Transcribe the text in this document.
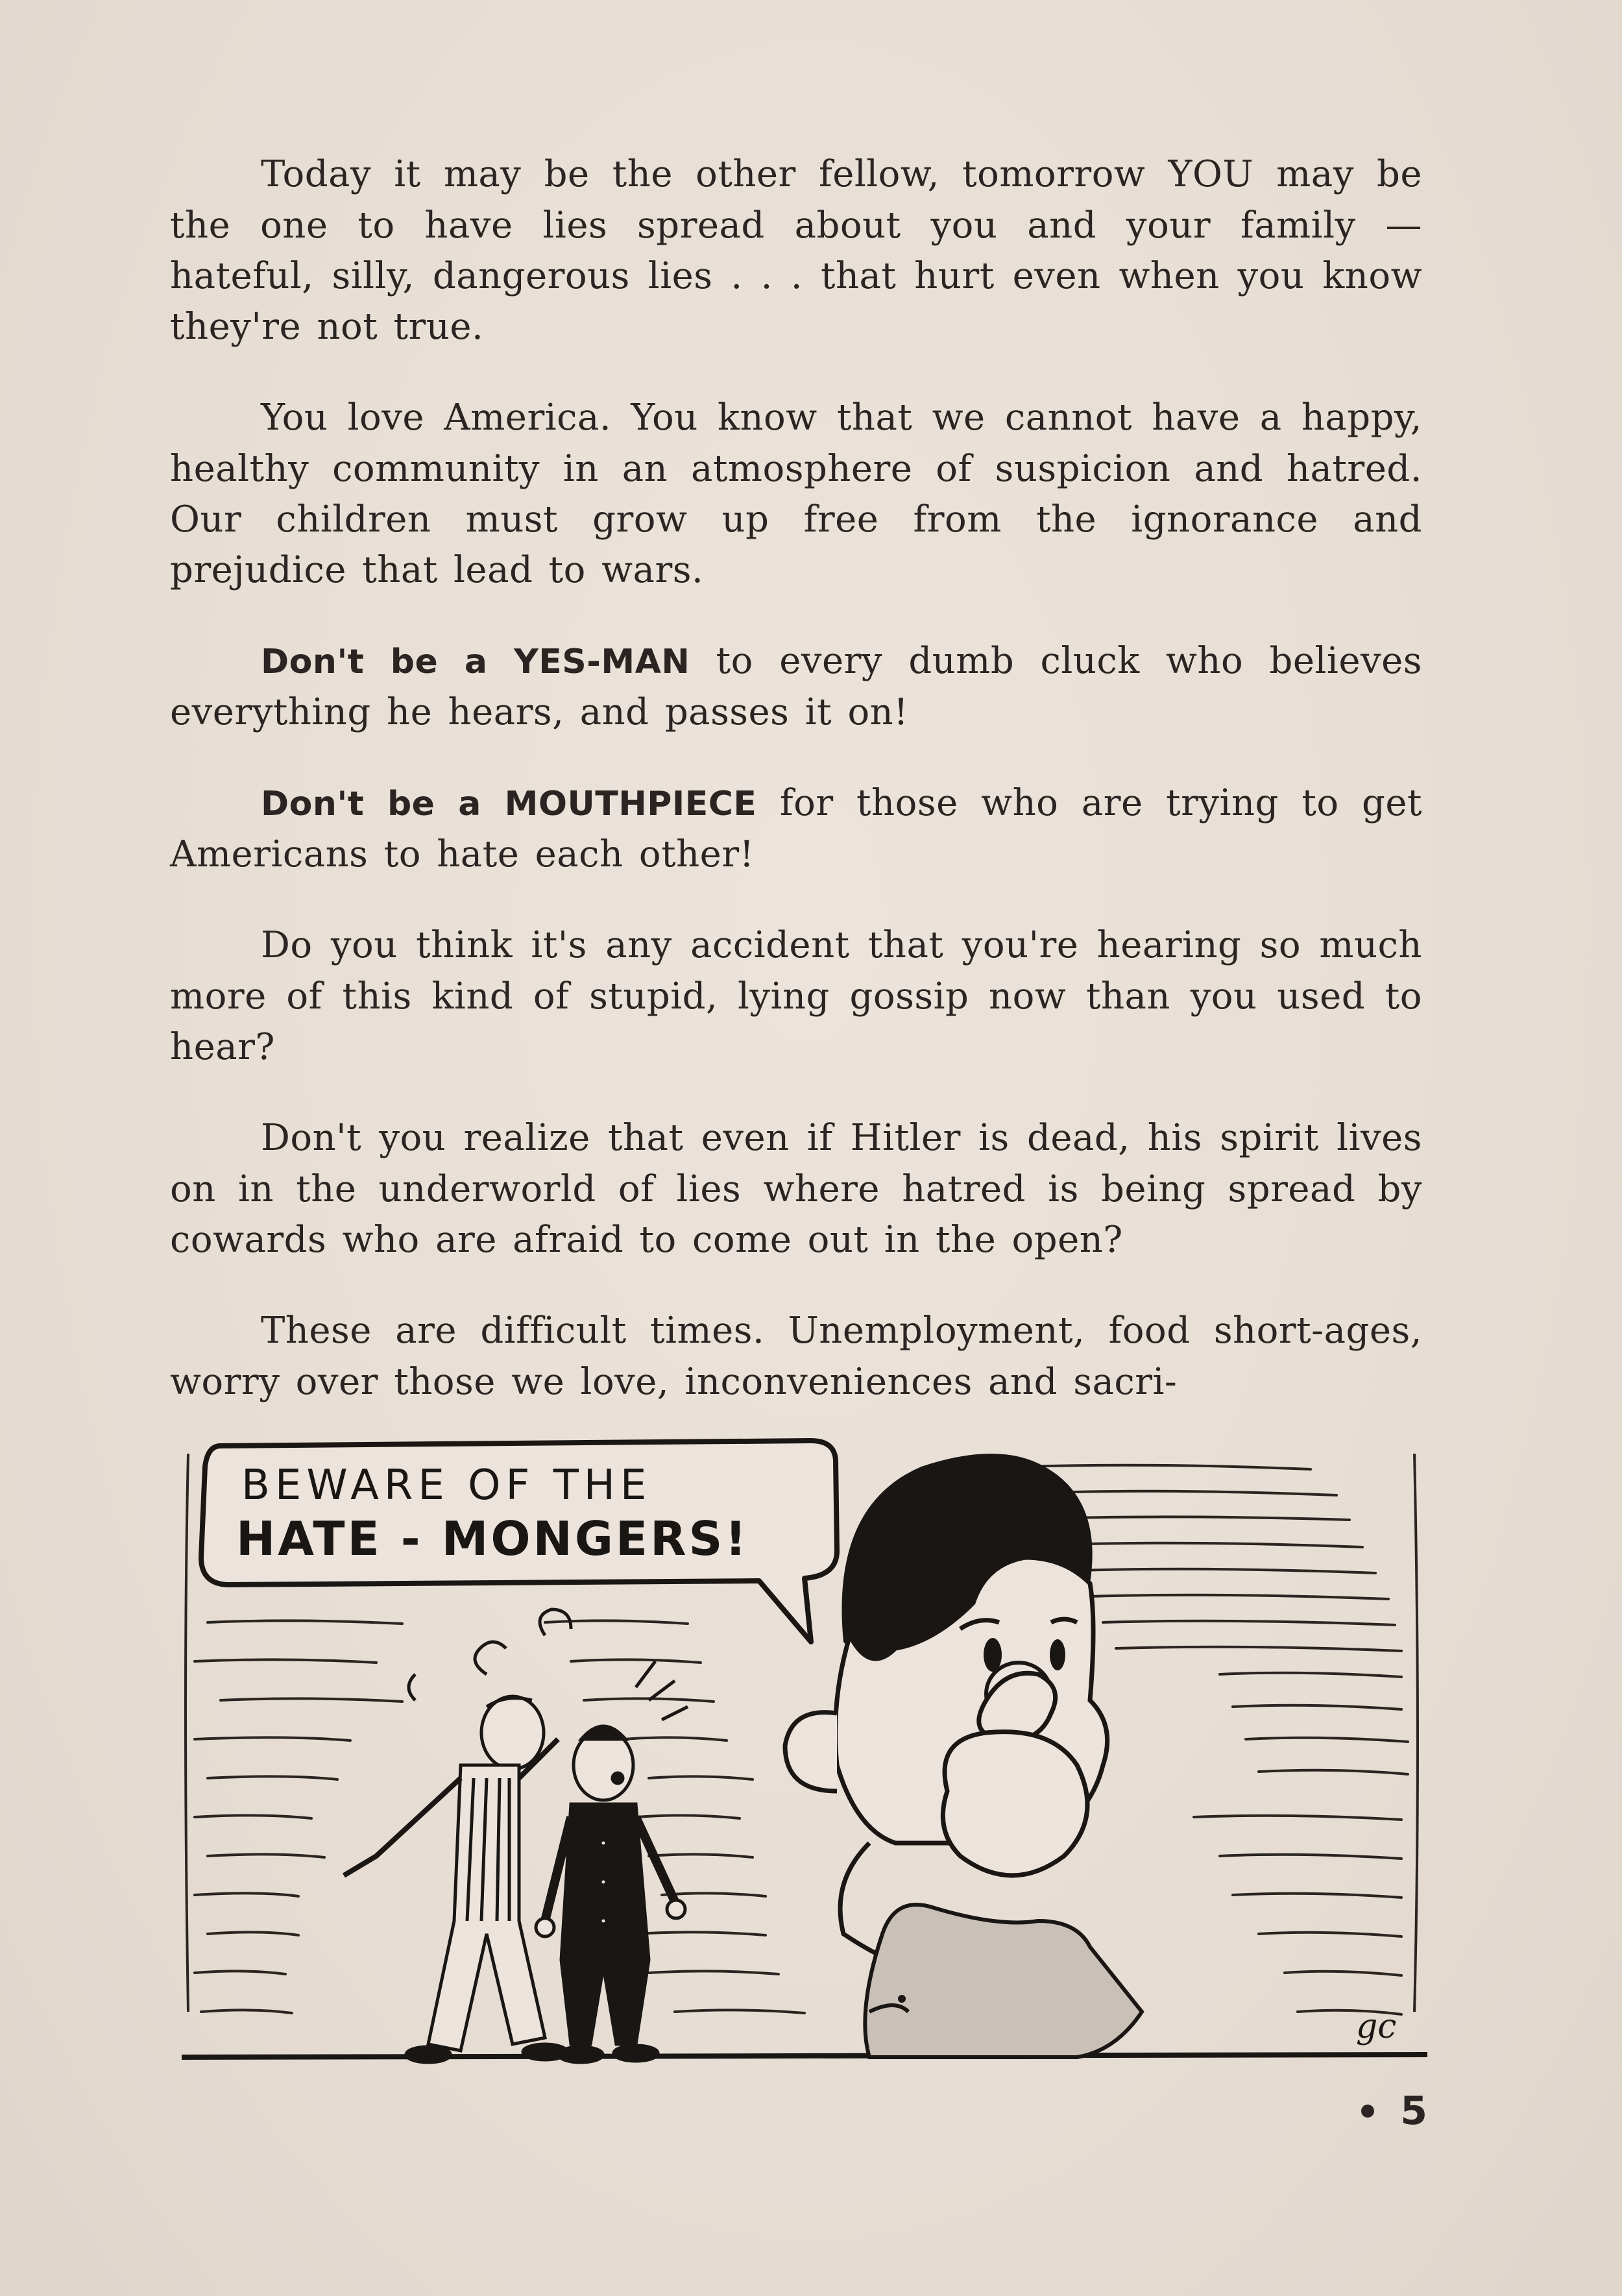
Today it may be the other fellow, tomorrow YOU may be the one to have lies spread about you and your family — hateful, silly, dangerous lies . . . that hurt even when you know they're not true.

You love America. You know that we cannot have a happy, healthy community in an atmosphere of suspicion and hatred. Our children must grow up free from the ignorance and prejudice that lead to wars.

Don't be a YES-MAN to every dumb cluck who believes everything he hears, and passes it on!

Don't be a MOUTHPIECE for those who are trying to get Americans to hate each other!

Do you think it's any accident that you're hearing so much more of this kind of stupid, lying gossip now than you used to hear?

Don't you realize that even if Hitler is dead, his spirit lives on in the underworld of lies where hatred is being spread by cowards who are afraid to come out in the open?

These are difficult times. Unemployment, food short-ages, worry over those we love, inconveniences and sacri-

BEWARE OF THE
HATE - MONGERS!
gc
5
